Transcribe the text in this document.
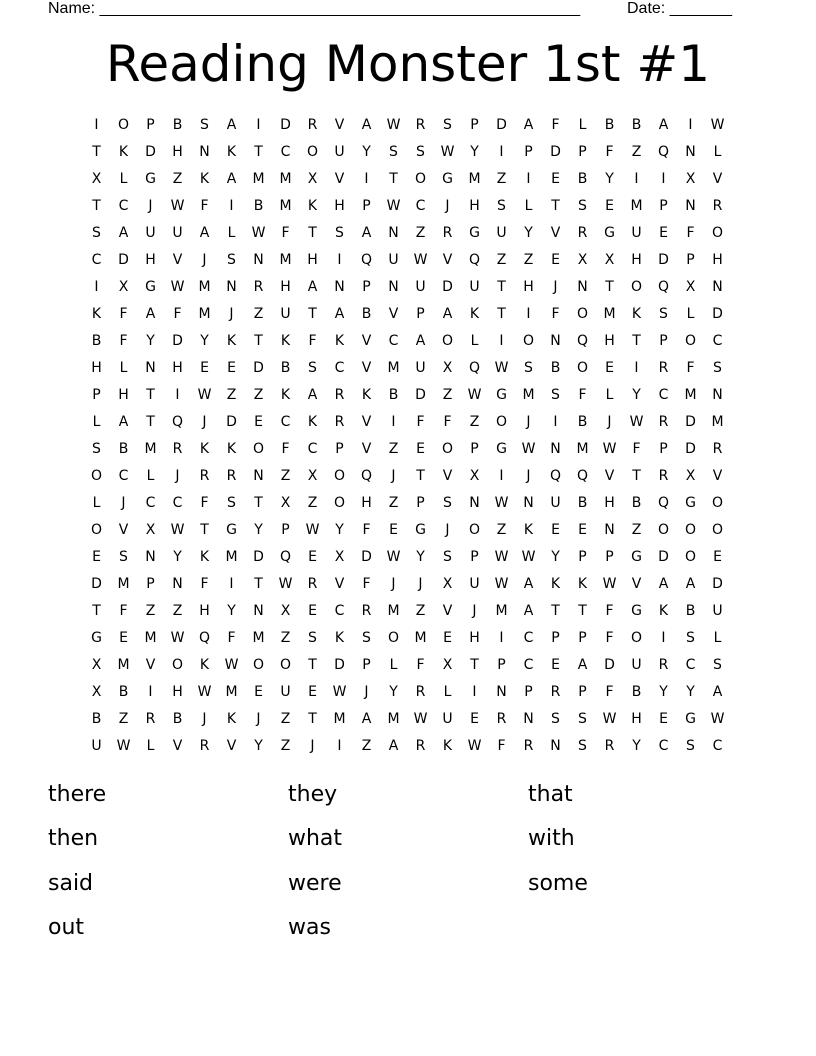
Name: ______________________________________________________

	Date: _______

Reading Monster 1st #1
I	O	P	B	S	A	I	D	R	V	A	W	R	S	P	D	A	F	L	B	B	A	I	W
T	K	D	H	N	K	T	C	O	U	Y	S	S	W	Y	I	P	D	P	F	Z	Q	N	L
X	L	G	Z	K	A	M	M	X	V	I	T	O	G	M	Z	I	E	B	Y	I	I	X	V
T	C	J	W	F	I	B	M	K	H	P	W	C	J	H	S	L	T	S	E	M	P	N	R
S	A	U	U	A	L	W	F	T	S	A	N	Z	R	G	U	Y	V	R	G	U	E	F	O
C	D	H	V	J	S	N	M	H	I	Q	U	W	V	Q	Z	Z	E	X	X	H	D	P	H
I	X	G	W	M	N	R	H	A	N	P	N	U	D	U	T	H	J	N	T	O	Q	X	N
K	F	A	F	M	J	Z	U	T	A	B	V	P	A	K	T	I	F	O	M	K	S	L	D
B	F	Y	D	Y	K	T	K	F	K	V	C	A	O	L	I	O	N	Q	H	T	P	O	C
H	L	N	H	E	E	D	B	S	C	V	M	U	X	Q	W	S	B	O	E	I	R	F	S
P	H	T	I	W	Z	Z	K	A	R	K	B	D	Z	W	G	M	S	F	L	Y	C	M	N
L	A	T	Q	J	D	E	C	K	R	V	I	F	F	Z	O	J	I	B	J	W	R	D	M
S	B	M	R	K	K	O	F	C	P	V	Z	E	O	P	G	W	N	M	W	F	P	D	R
O	C	L	J	R	R	N	Z	X	O	Q	J	T	V	X	I	J	Q	Q	V	T	R	X	V
L	J	C	C	F	S	T	X	Z	O	H	Z	P	S	N	W	N	U	B	H	B	Q	G	O
O	V	X	W	T	G	Y	P	W	Y	F	E	G	J	O	Z	K	E	E	N	Z	O	O	O
E	S	N	Y	K	M	D	Q	E	X	D	W	Y	S	P	W W	Y	P	P	G	D	O	E
D	M	P	N	F	I	T	W	R	V	F	J	J	X	U	W	A	K	K	W	V	A	A	D
T	F	Z	Z	H	Y	N	X	E	C	R	M	Z	V	J	M	A	T	T	F	G	K	B	U
G	E	M	W	Q	F	M	Z	S	K	S	O	M	E	H	I	C	P	P	F	O	I	S	L
X	M	V	O	K	W	O	O	T	D	P	L	F	X	T	P	C	E	A	D	U	R	C	S
X	B	I	H	W	M	E	U	E	W	J	Y	R	L	I	N	P	R	P	F	B	Y	Y	A
B	Z	R	B	J	K	J	Z	T	M	A	M	W	U	E	R	N	S	S	W	H	E	G	W
U	W	L	V	R	V	Y	Z	J	I	Z	A	R	K	W	F	R	N	S	R	Y	C	S	C
there	they	that
then	what	with
said	were	some
out	was
